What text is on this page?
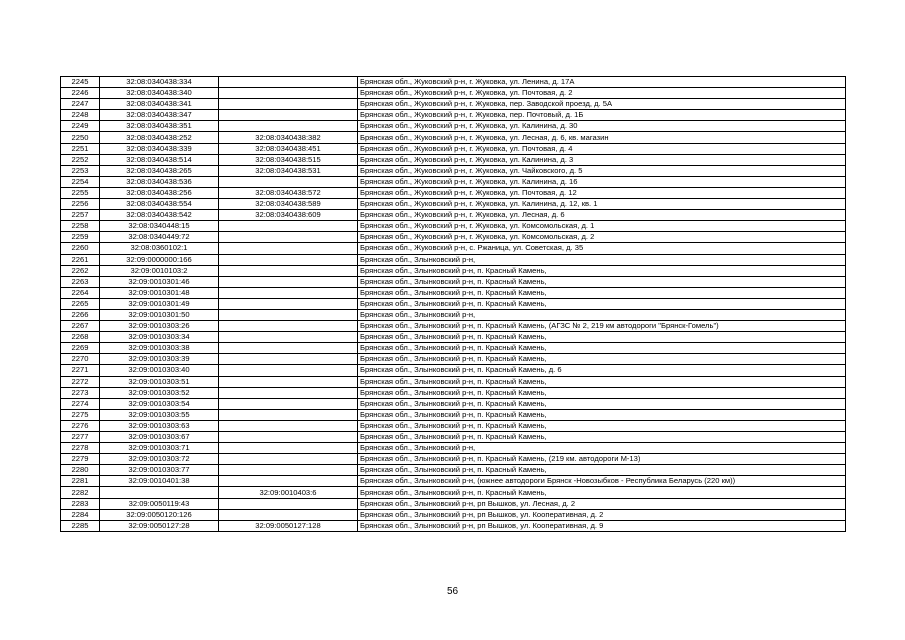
2245	32:08:0340438:334		Брянская обл., Жуковский р-н, г. Жуковка, ул. Ленина, д. 17А
2246	32:08:0340438:340		Брянская обл., Жуковский р-н, г. Жуковка, ул. Почтовая, д. 2
2247	32:08:0340438:341		Брянская обл., Жуковский р-н, г. Жуковка, пер. Заводской проезд, д. 5А
2248	32:08:0340438:347		Брянская обл., Жуковский р-н, г. Жуковка, пер. Почтовый, д. 1Б
2249	32:08:0340438:351		Брянская обл., Жуковский р-н, г. Жуковка, ул. Калинина, д. 30
2250	32:08:0340438:252	32:08:0340438:382	Брянская обл., Жуковский р-н, г. Жуковка, ул. Лесная, д. 6, кв. магазин
2251	32:08:0340438:339	32:08:0340438:451	Брянская обл., Жуковский р-н, г. Жуковка, ул. Почтовая, д. 4
2252	32:08:0340438:514	32:08:0340438:515	Брянская обл., Жуковский р-н, г. Жуковка, ул. Калинина, д. 3
2253	32:08:0340438:265	32:08:0340438:531	Брянская обл., Жуковский р-н, г. Жуковка, ул. Чайковского, д. 5
2254	32:08:0340438:536		Брянская обл., Жуковский р-н, г. Жуковка, ул. Калинина, д. 16
2255	32:08:0340438:256	32:08:0340438:572	Брянская обл., Жуковский р-н, г. Жуковка, ул. Почтовая, д. 12
2256	32:08:0340438:554	32:08:0340438:589	Брянская обл., Жуковский р-н, г. Жуковка, ул. Калинина, д. 12, кв. 1
2257	32:08:0340438:542	32:08:0340438:609	Брянская обл., Жуковский р-н, г. Жуковка, ул. Лесная, д. 6
2258	32:08:0340448:15		Брянская обл., Жуковский р-н, г. Жуковка, ул. Комсомольская, д. 1
2259	32:08:0340449:72		Брянская обл., Жуковский р-н, г. Жуковка, ул. Комсомольская, д. 2
2260	32:08:0360102:1		Брянская обл., Жуковский р-н, с. Ржаница, ул. Советская, д. 35
2261	32:09:0000000:166		Брянская обл., Злынковский р-н,
2262	32:09:0010103:2		Брянская обл., Злынковский р-н, п. Красный Камень,
2263	32:09:0010301:46		Брянская обл., Злынковский р-н, п. Красный Камень,
2264	32:09:0010301:48		Брянская обл., Злынковский р-н, п. Красный Камень,
2265	32:09:0010301:49		Брянская обл., Злынковский р-н, п. Красный Камень,
2266	32:09:0010301:50		Брянская обл., Злынковский р-н,
2267	32:09:0010303:26		Брянская обл., Злынковский р-н, п. Красный Камень, (АГЗС № 2, 219 км автодороги "Брянск-Гомель")
2268	32:09:0010303:34		Брянская обл., Злынковский р-н, п. Красный Камень,
2269	32:09:0010303:38		Брянская обл., Злынковский р-н, п. Красный Камень,
2270	32:09:0010303:39		Брянская обл., Злынковский р-н, п. Красный Камень,
2271	32:09:0010303:40		Брянская обл., Злынковский р-н, п. Красный Камень, д. 6
2272	32:09:0010303:51		Брянская обл., Злынковский р-н, п. Красный Камень,
2273	32:09:0010303:52		Брянская обл., Злынковский р-н, п. Красный Камень,
2274	32:09:0010303:54		Брянская обл., Злынковский р-н, п. Красный Камень,
2275	32:09:0010303:55		Брянская обл., Злынковский р-н, п. Красный Камень,
2276	32:09:0010303:63		Брянская обл., Злынковский р-н, п. Красный Камень,
2277	32:09:0010303:67		Брянская обл., Злынковский р-н, п. Красный Камень,
2278	32:09:0010303:71		Брянская обл., Злынковский р-н,
2279	32:09:0010303:72		Брянская обл., Злынковский р-н, п. Красный Камень, (219 км. автодороги М-13)
2280	32:09:0010303:77		Брянская обл., Злынковский р-н, п. Красный Камень,
2281	32:09:0010401:38		Брянская обл., Злынковский р-н, (южнее автодороги Брянск -Новозыбков - Республика Беларусь (220 км))
2282		32:09:0010403:6	Брянская обл., Злынковский р-н, п. Красный Камень,
2283	32:09:0050119:43		Брянская обл., Злынковский р-н, рп Вышков, ул. Лесная, д. 2
2284	32:09:0050120:126		Брянская обл., Злынковский р-н, рп Вышков, ул. Кооперативная, д. 2
2285	32:09:0050127:28	32:09:0050127:128	Брянская обл., Злынковский р-н, рп Вышков, ул. Кооперативная, д. 9
56
